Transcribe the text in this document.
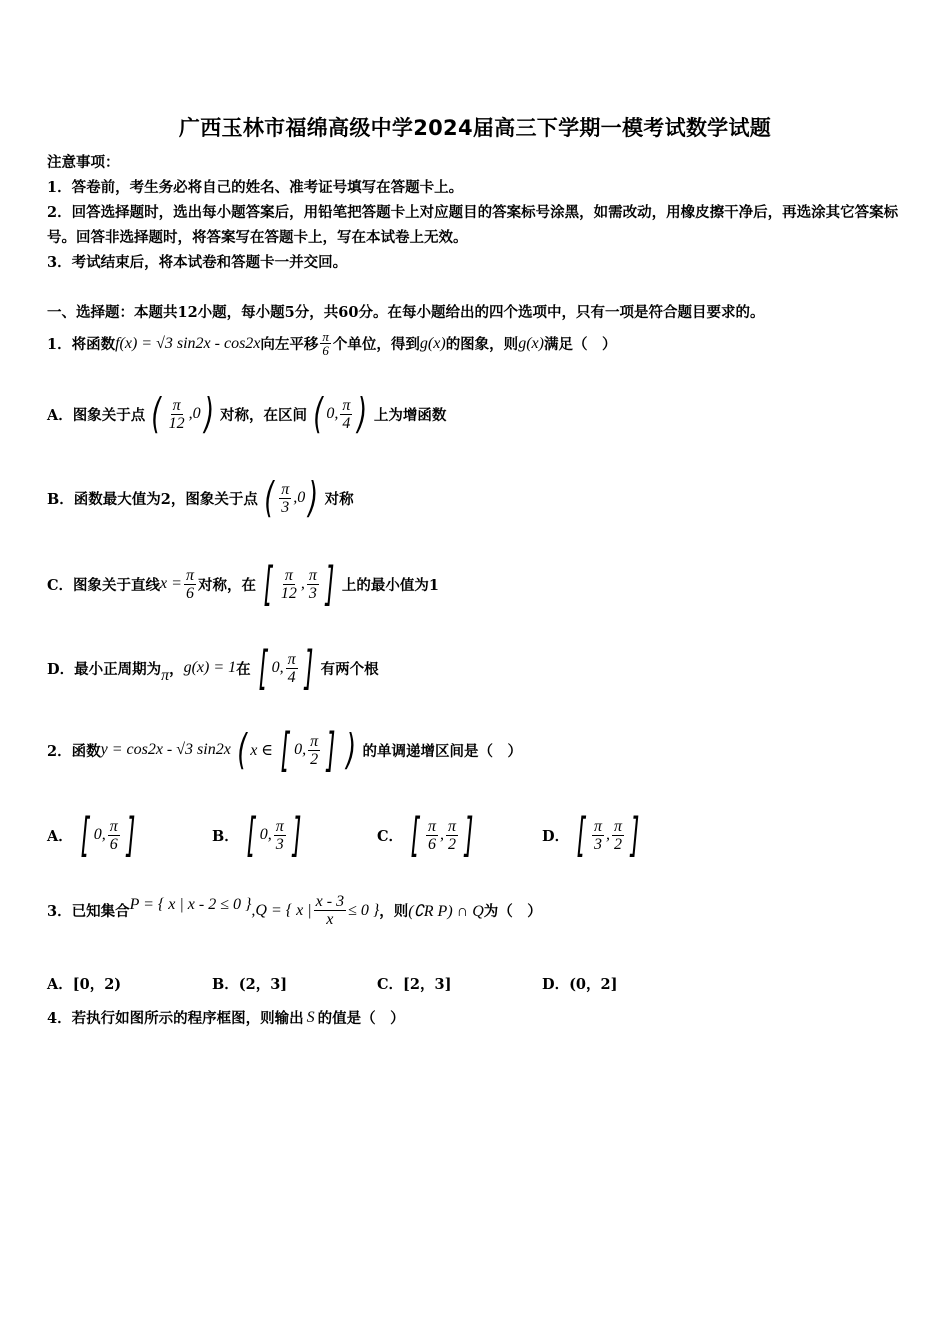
广西玉林市福绵高级中学2024届高三下学期一模考试数学试题
注意事项：
1．答卷前，考生务必将自己的姓名、准考证号填写在答题卡上。
2．回答选择题时，选出每小题答案后，用铅笔把答题卡上对应题目的答案标号涂黑，如需改动，用橡皮擦干净后，再选涂其它答案标号。回答非选择题时，将答案写在答题卡上，写在本试卷上无效。
3．考试结束后，将本试卷和答题卡一并交回。
一、选择题：本题共12小题，每小题5分，共60分。在每小题给出的四个选项中，只有一项是符合题目要求的。
1．将函数 f(x) = √3 sin2x - cos2x 向左平移 $\frac{\pi}{6}$ 个单位，得到 g(x) 的图象，则 g(x) 满足（　）
A．图象关于点 ( $\frac{\pi}{12} ,0$ ) 对称，在区间 ( 0, $\frac{\pi}{4}$ ) 上为增函数
B．函数最大值为2，图象关于点 ( $\frac{\pi}{3} ,0$ ) 对称
C．图象关于直线 $x = \frac{\pi}{6}$ 对称，在 [ $\frac{\pi}{12}$ , $\frac{\pi}{3}$ ] 上的最小值为1
D．最小正周期为 π ， g(x) = 1 在 [ 0, $\frac{\pi}{4}$ ] 有两个根
2．函数 y = cos2x - √3 sin2x ( x ∈ [ 0, $\frac{\pi}{2}$ ] ) 的单调递增区间是（　）
A． [ 0, $\frac{\pi}{6}$ ]	B． [ 0, $\frac{\pi}{3}$ ]	C． [ $\frac{\pi}{6}$ , $\frac{\pi}{2}$ ]	D． [ $\frac{\pi}{3}$ , $\frac{\pi}{2}$ ]
3．已知集合 P = { x | x - 2 ≤ 0 } , Q = { x | $\frac{x - 3}{x} \le 0$ } ，则 (∁R P) ∩ Q 为（　）
A．[0，2)	B．(2，3]	C．[2，3]	D．(0，2]
4．若执行如图所示的程序框图，则输出 S 的值是（　）
